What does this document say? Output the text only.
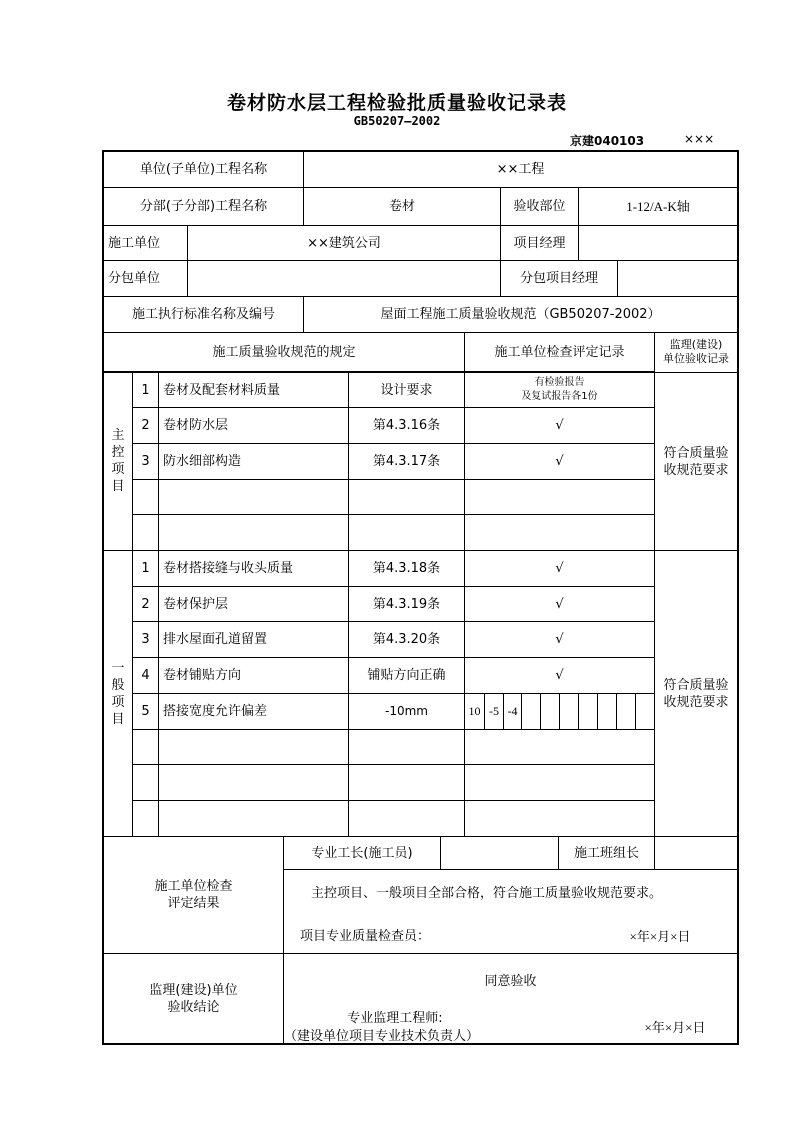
卷材防水层工程检验批质量验收记录表
GB50207—2002
京建040103	×××
单位(子单位)工程名称	××工程
分部(子分部)工程名称	卷材	验收部位	1-12/A-K轴
施工单位	××建筑公司	项目经理
分包单位	分包项目经理
施工执行标准名称及编号	屋面工程施工质量验收规范（GB50207-2002）
施工质量验收规范的规定	施工单位检查评定记录	监理(建设)
单位验收记录
主
控
项
目
1	卷材及配套材料质量	设计要求	有检验报告
及复试报告各1份
2	卷材防水层	第4.3.16条	√
3	防水细部构造	第4.3.17条	√
符合质量验
收规范要求
一
般
项
目
1	卷材搭接缝与收头质量	第4.3.18条	√
2	卷材保护层	第4.3.19条	√
3	排水屋面孔道留置	第4.3.20条	√
4	卷材铺贴方向	铺贴方向正确	√
5	搭接宽度允许偏差	-10mm	10 -5 -4
符合质量验
收规范要求
专业工长(施工员)	施工班组长
施工单位检查
评定结果
主控项目、一般项目全部合格，符合施工质量验收规范要求。
项目专业质量检查员：	×年×月×日
监理(建设)单位
验收结论
同意验收
专业监理工程师:
（建设单位项目专业技术负责人）
×年×月×日
